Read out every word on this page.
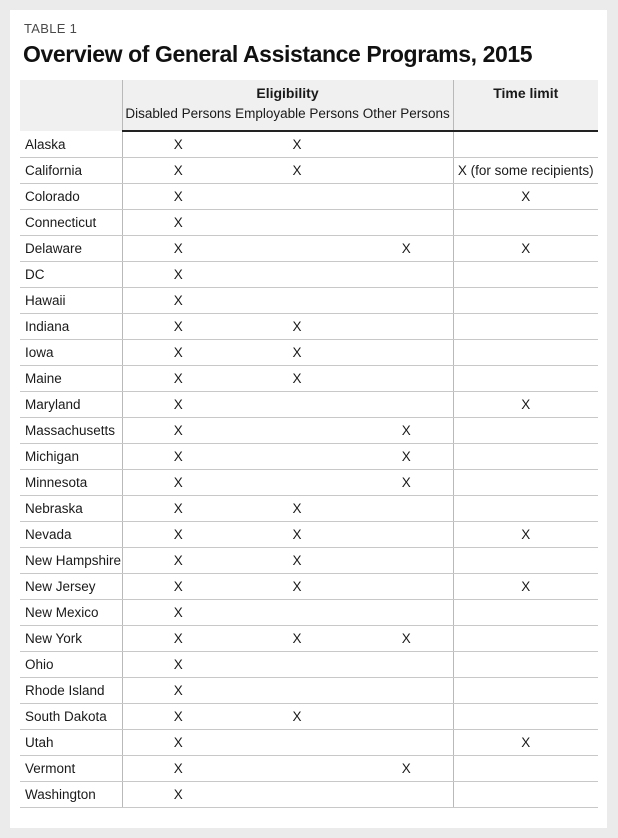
TABLE 1
Overview of General Assistance Programs, 2015
	Eligibility			Time limit
	Disabled Persons	Employable Persons	Other Persons	
Alaska	X	X		
California	X	X		X (for some recipients)
Colorado	X			X
Connecticut	X			
Delaware	X		X	X
DC	X			
Hawaii	X			
Indiana	X	X		
Iowa	X	X		
Maine	X	X		
Maryland	X			X
Massachusetts	X		X	
Michigan	X		X	
Minnesota	X		X	
Nebraska	X	X		
Nevada	X	X		X
New Hampshire	X	X		
New Jersey	X	X		X
New Mexico	X			
New York	X	X	X	
Ohio	X			
Rhode Island	X			
South Dakota	X	X		
Utah	X			X
Vermont	X		X	
Washington	X			
